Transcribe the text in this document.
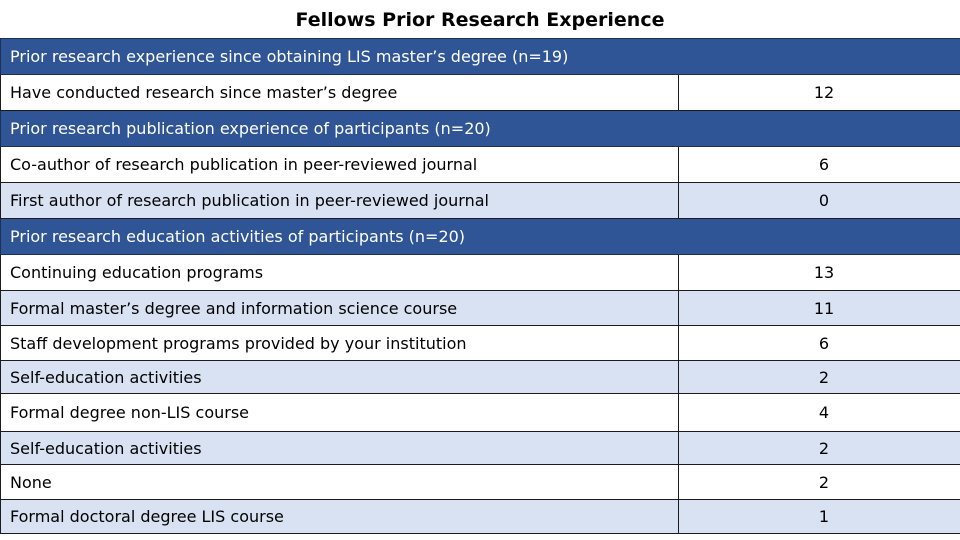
Fellows Prior Research Experience
Prior research experience since obtaining LIS master’s degree (n=19)	
Have conducted research since master’s degree	12
Prior research publication experience of participants (n=20)	
Co-author of research publication in peer-reviewed journal	6
First author of research publication in peer-reviewed journal	0
Prior research education activities of participants (n=20)	
Continuing education programs	13
Formal master’s degree and information science course	11
Staff development programs provided by your institution	6
Self-education activities	2
Formal degree non-LIS course	4
Self-education activities	2
None	2
Formal doctoral degree LIS course	1
